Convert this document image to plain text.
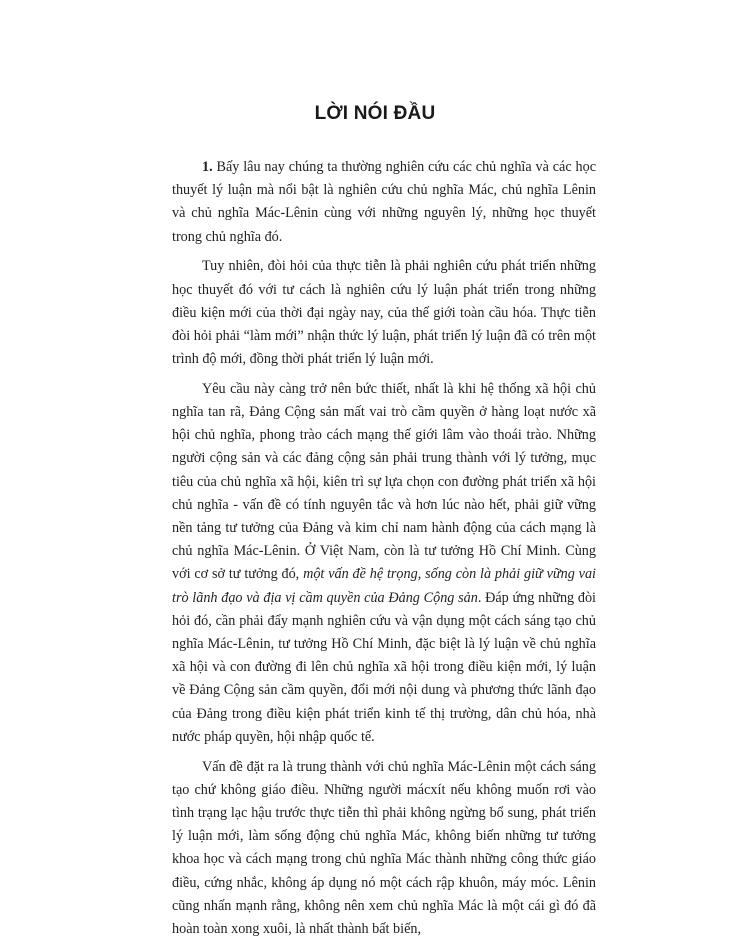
LỜI NÓI ĐẦU

1. Bấy lâu nay chúng ta thường nghiên cứu các chủ nghĩa và các học thuyết lý luận mà nổi bật là nghiên cứu chủ nghĩa Mác, chủ nghĩa Lênin và chủ nghĩa Mác-Lênin cùng với những nguyên lý, những học thuyết trong chủ nghĩa đó.

Tuy nhiên, đòi hỏi của thực tiễn là phải nghiên cứu phát triển những học thuyết đó với tư cách là nghiên cứu lý luận phát triển trong những điều kiện mới của thời đại ngày nay, của thế giới toàn cầu hóa. Thực tiễn đòi hỏi phải “làm mới” nhận thức lý luận, phát triển lý luận đã có trên một trình độ mới, đồng thời phát triển lý luận mới.

Yêu cầu này càng trở nên bức thiết, nhất là khi hệ thống xã hội chủ nghĩa tan rã, Đảng Cộng sản mất vai trò cầm quyền ở hàng loạt nước xã hội chủ nghĩa, phong trào cách mạng thế giới lâm vào thoái trào. Những người cộng sản và các đảng cộng sản phải trung thành với lý tưởng, mục tiêu của chủ nghĩa xã hội, kiên trì sự lựa chọn con đường phát triển xã hội chủ nghĩa - vấn đề có tính nguyên tắc và hơn lúc nào hết, phải giữ vững nền tảng tư tưởng của Đảng và kim chỉ nam hành động của cách mạng là chủ nghĩa Mác-Lênin. Ở Việt Nam, còn là tư tưởng Hồ Chí Minh. Cùng với cơ sở tư tưởng đó, một vấn đề hệ trọng, sống còn là phải giữ vững vai trò lãnh đạo và địa vị cầm quyền của Đảng Cộng sản. Đáp ứng những đòi hỏi đó, cần phải đẩy mạnh nghiên cứu và vận dụng một cách sáng tạo chủ nghĩa Mác-Lênin, tư tưởng Hồ Chí Minh, đặc biệt là lý luận về chủ nghĩa xã hội và con đường đi lên chủ nghĩa xã hội trong điều kiện mới, lý luận về Đảng Cộng sản cầm quyền, đổi mới nội dung và phương thức lãnh đạo của Đảng trong điều kiện phát triển kinh tế thị trường, dân chủ hóa, nhà nước pháp quyền, hội nhập quốc tế.

Vấn đề đặt ra là trung thành với chủ nghĩa Mác-Lênin một cách sáng tạo chứ không giáo điều. Những người mácxít nếu không muốn rơi vào tình trạng lạc hậu trước thực tiễn thì phải không ngừng bổ sung, phát triển lý luận mới, làm sống động chủ nghĩa Mác, không biến những tư tưởng khoa học và cách mạng trong chủ nghĩa Mác thành những công thức giáo điều, cứng nhắc, không áp dụng nó một cách rập khuôn, máy móc. Lênin cũng nhấn mạnh rằng, không nên xem chủ nghĩa Mác là một cái gì đó đã hoàn toàn xong xuôi, là nhất thành bất biến,
